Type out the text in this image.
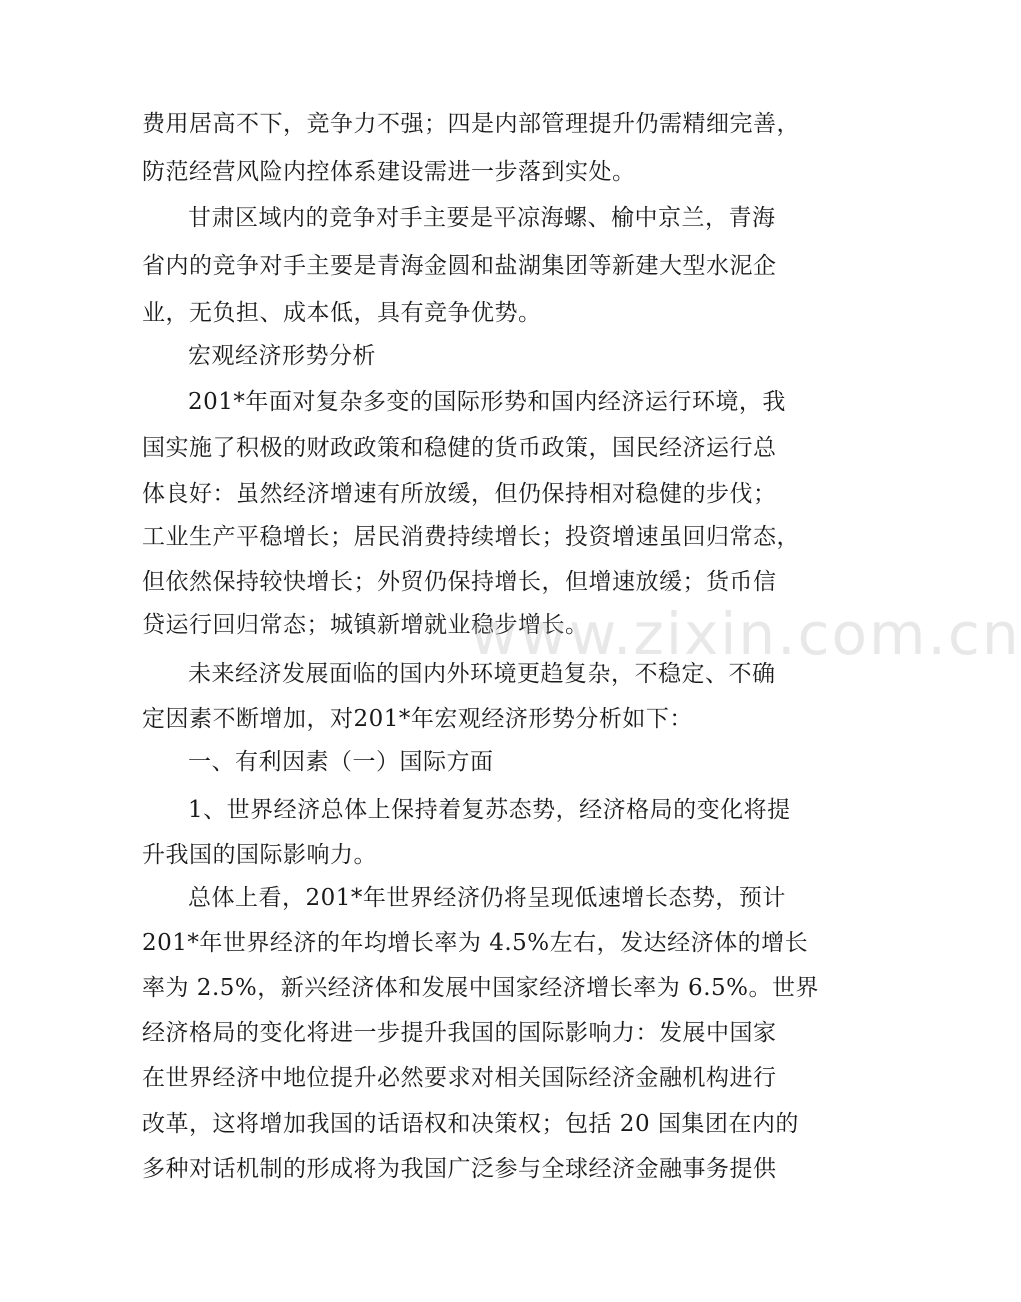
费用居高不下，竞争力不强；四是内部管理提升仍需精细完善，
防范经营风险内控体系建设需进一步落到实处。
甘肃区域内的竞争对手主要是平凉海螺、榆中京兰，青海
省内的竞争对手主要是青海金圆和盐湖集团等新建大型水泥企
业，无负担、成本低，具有竞争优势。
宏观经济形势分析
201*年面对复杂多变的国际形势和国内经济运行环境，我
国实施了积极的财政政策和稳健的货币政策，国民经济运行总
体良好：虽然经济增速有所放缓，但仍保持相对稳健的步伐；
工业生产平稳增长；居民消费持续增长；投资增速虽回归常态，
但依然保持较快增长；外贸仍保持增长，但增速放缓；货币信
贷运行回归常态；城镇新增就业稳步增长。
未来经济发展面临的国内外环境更趋复杂，不稳定、不确
定因素不断增加，对201*年宏观经济形势分析如下：
一、有利因素（一）国际方面
1、世界经济总体上保持着复苏态势，经济格局的变化将提
升我国的国际影响力。
总体上看，201*年世界经济仍将呈现低速增长态势，预计
201*年世界经济的年均增长率为 4.5%左右，发达经济体的增长
率为 2.5%，新兴经济体和发展中国家经济增长率为 6.5%。世界
经济格局的变化将进一步提升我国的国际影响力：发展中国家
在世界经济中地位提升必然要求对相关国际经济金融机构进行
改革，这将增加我国的话语权和决策权；包括 20 国集团在内的
多种对话机制的形成将为我国广泛参与全球经济金融事务提供
www.zixin.com.cn
